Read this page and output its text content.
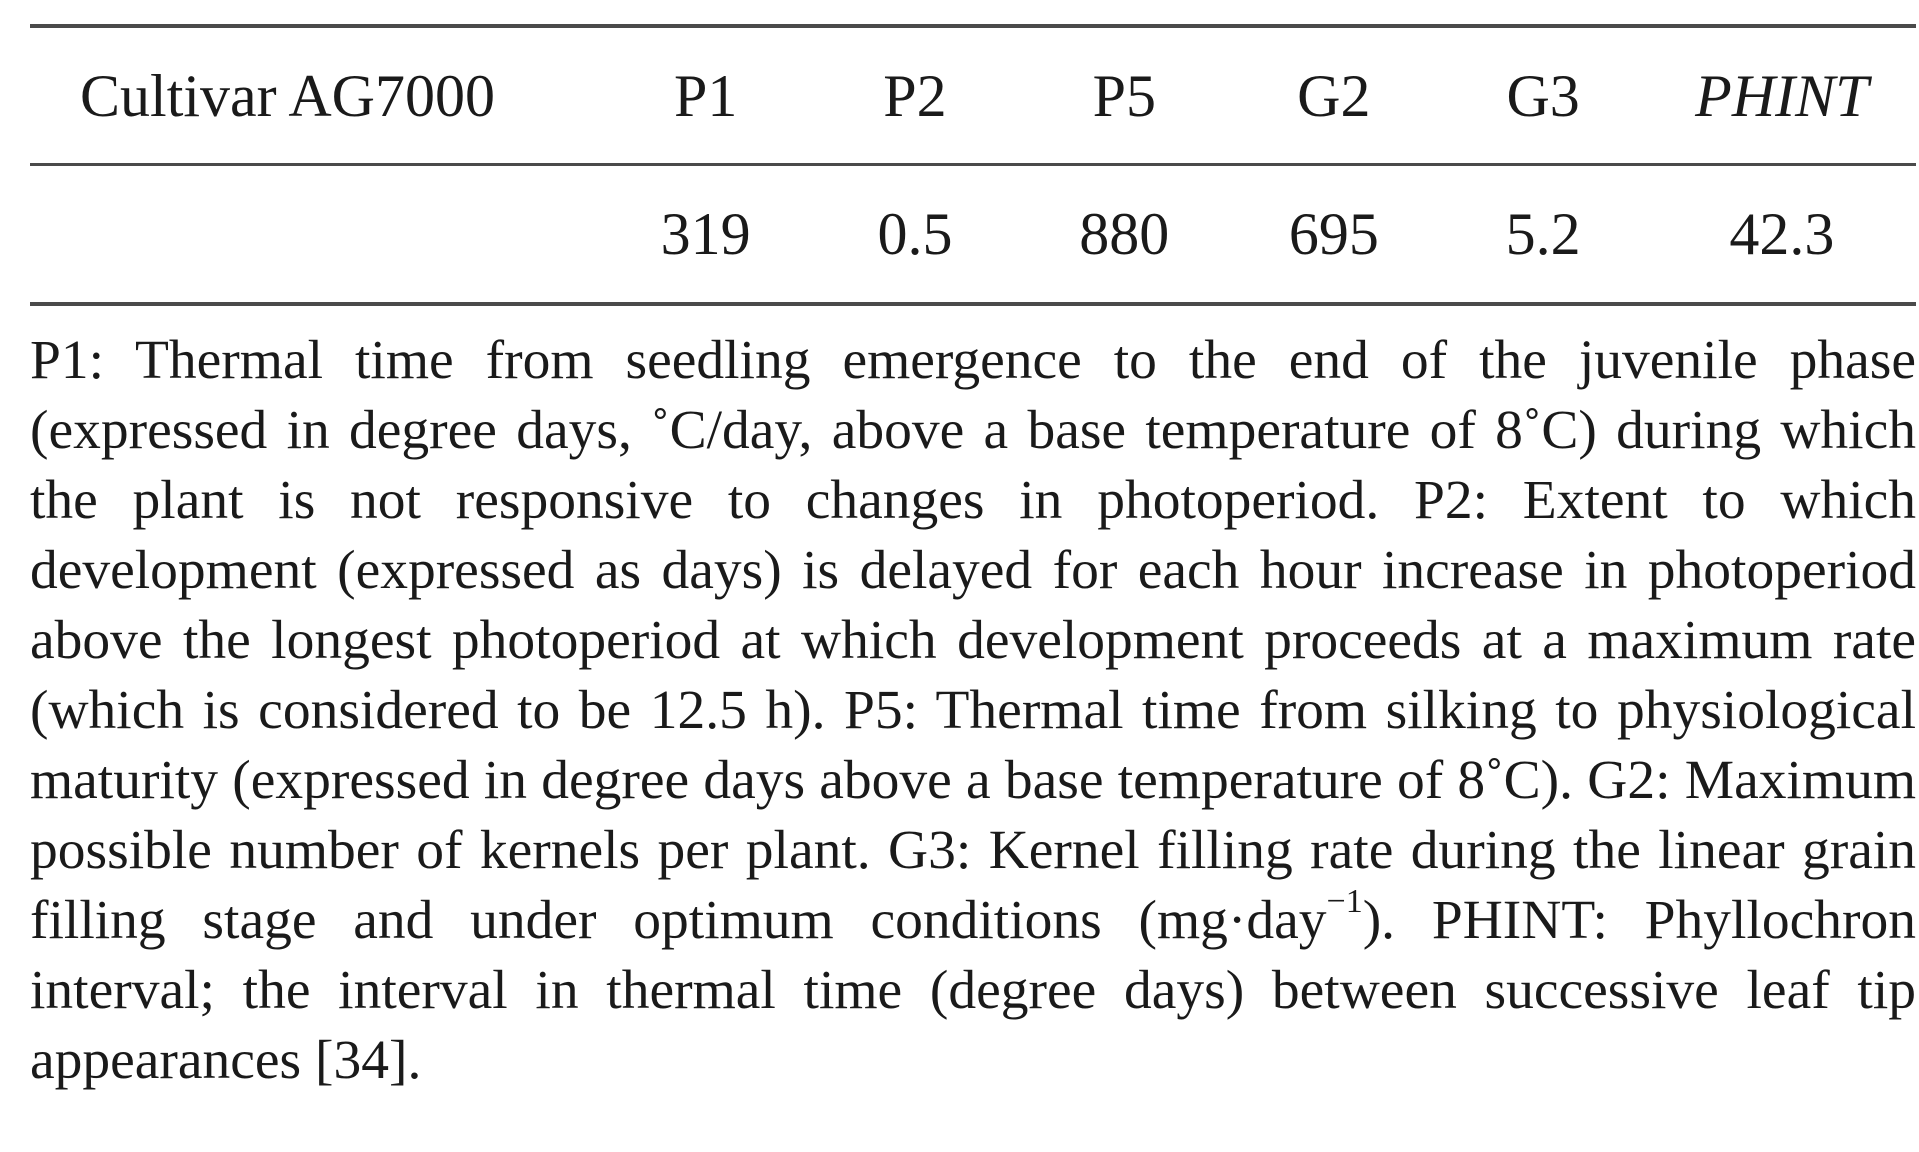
Cultivar AG7000	P1	P2	P5	G2	G3	PHINT
	319	0.5	880	695	5.2	42.3

P1: Thermal time from seedling emergence to the end of the juvenile phase (expressed in degree days, ˚C/day, above a base temperature of 8˚C) during which the plant is not responsive to changes in photoperiod. P2: Extent to which development (expressed as days) is delayed for each hour increase in photoperiod above the longest photoperiod at which development proceeds at a maximum rate (which is considered to be 12.5 h). P5: Thermal time from silking to physiological maturity (expressed in degree days above a base temperature of 8˚C). G2: Maximum possible number of kernels per plant. G3: Kernel filling rate during the linear grain filling stage and under optimum conditions (mg·day$^{-1}$). PHINT: Phyllochron interval; the interval in thermal time (degree days) between successive leaf tip appearances [34].
